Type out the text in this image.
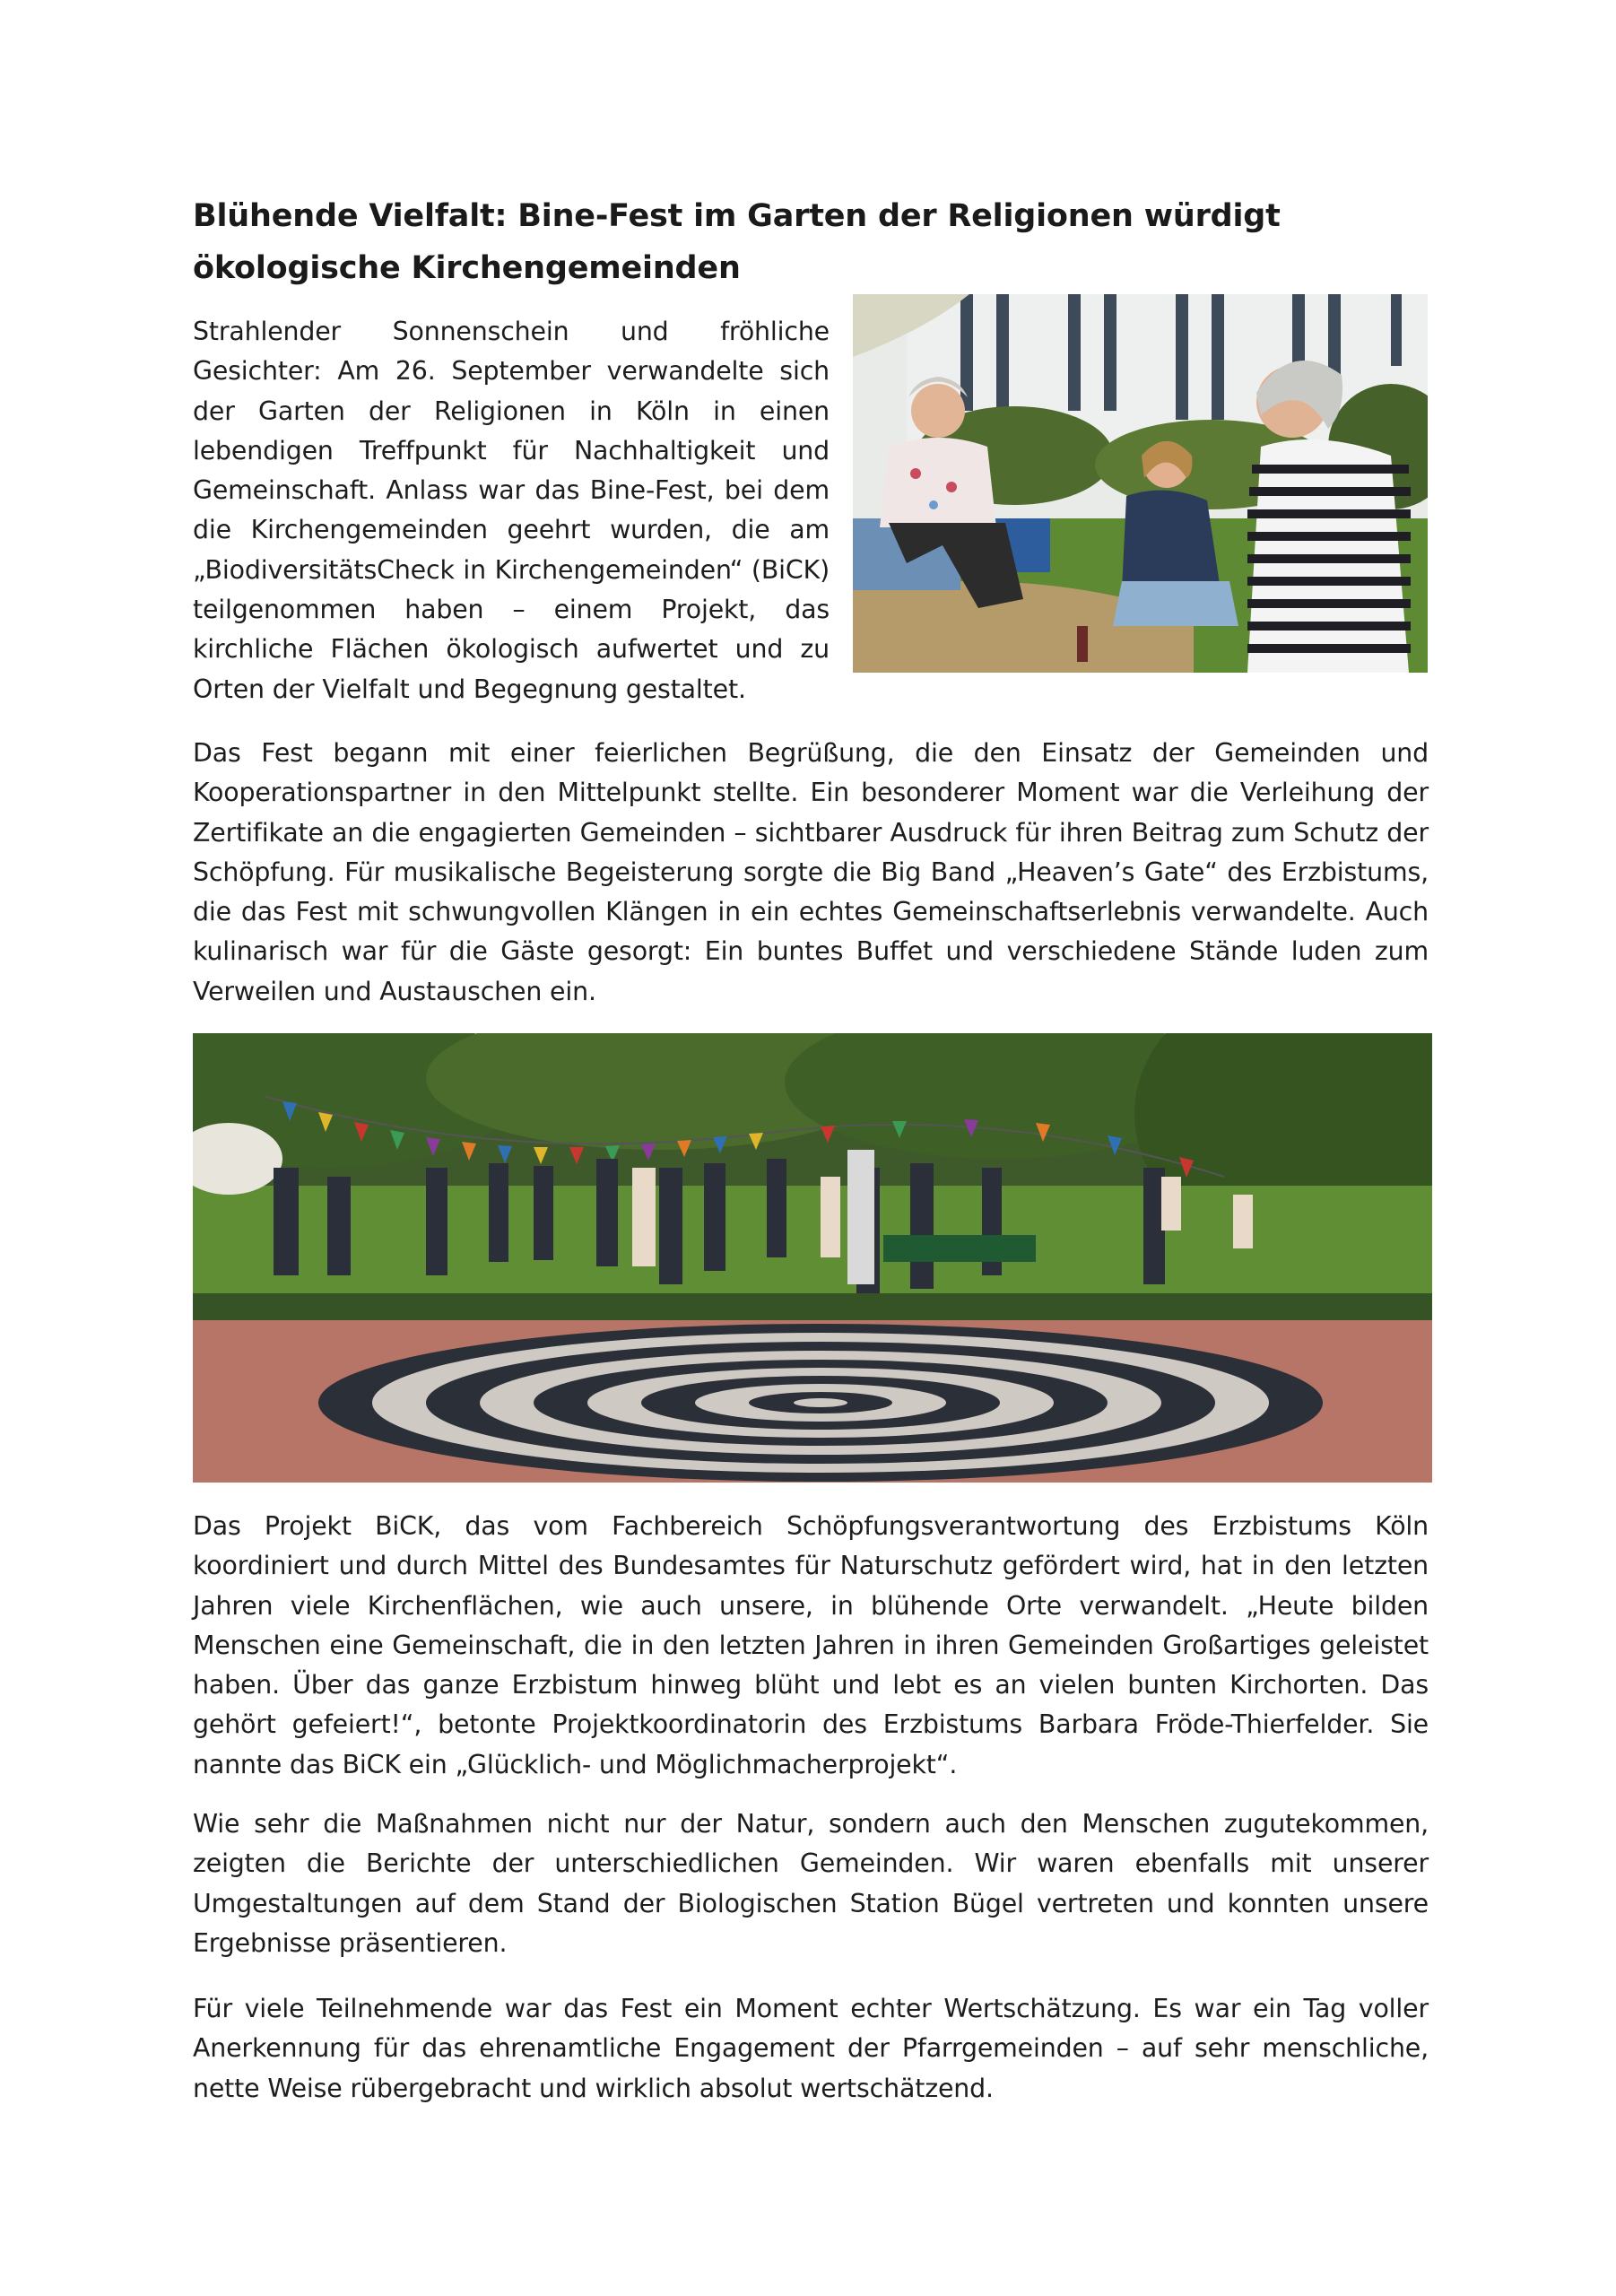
Blühende Vielfalt: Bine-Fest im Garten der Religionen würdigt ökologische Kirchengemeinden

Strahlender Sonnenschein und fröhliche Gesichter: Am 26. September verwandelte sich der Garten der Religionen in Köln in einen lebendigen Treffpunkt für Nachhaltigkeit und Gemeinschaft. Anlass war das Bine-Fest, bei dem die Kirchengemeinden geehrt wurden, die am „BiodiversitätsCheck in Kirchengemeinden“ (BiCK) teilgenommen haben – einem Projekt, das kirchliche Flächen ökologisch aufwertet und zu Orten der Vielfalt und Begegnung gestaltet.

Das Fest begann mit einer feierlichen Begrüßung, die den Einsatz der Gemeinden und Kooperationspartner in den Mittelpunkt stellte. Ein besonderer Moment war die Verleihung der Zertifikate an die engagierten Gemeinden – sichtbarer Ausdruck für ihren Beitrag zum Schutz der Schöpfung. Für musikalische Begeisterung sorgte die Big Band „Heaven’s Gate“ des Erzbistums, die das Fest mit schwungvollen Klängen in ein echtes Gemeinschaftserlebnis verwandelte. Auch kulinarisch war für die Gäste gesorgt: Ein buntes Buffet und verschiedene Stände luden zum Verweilen und Austauschen ein.

Das Projekt BiCK, das vom Fachbereich Schöpfungsverantwortung des Erzbistums Köln koordiniert und durch Mittel des Bundesamtes für Naturschutz gefördert wird, hat in den letzten Jahren viele Kirchenflächen, wie auch unsere, in blühende Orte verwandelt. „Heute bilden Menschen eine Gemeinschaft, die in den letzten Jahren in ihren Gemeinden Großartiges geleistet haben. Über das ganze Erzbistum hinweg blüht und lebt es an vielen bunten Kirchorten. Das gehört gefeiert!“, betonte Projektkoordinatorin des Erzbistums Barbara Fröde-Thierfelder. Sie nannte das BiCK ein „Glücklich- und Möglichmacherprojekt“.

Wie sehr die Maßnahmen nicht nur der Natur, sondern auch den Menschen zugutekommen, zeigten die Berichte der unterschiedlichen Gemeinden. Wir waren ebenfalls mit unserer Umgestaltungen auf dem Stand der Biologischen Station Bügel vertreten und konnten unsere Ergebnisse präsentieren.

Für viele Teilnehmende war das Fest ein Moment echter Wertschätzung. Es war ein Tag voller Anerkennung für das ehrenamtliche Engagement der Pfarrgemeinden – auf sehr menschliche, nette Weise rübergebracht und wirklich absolut wertschätzend.
